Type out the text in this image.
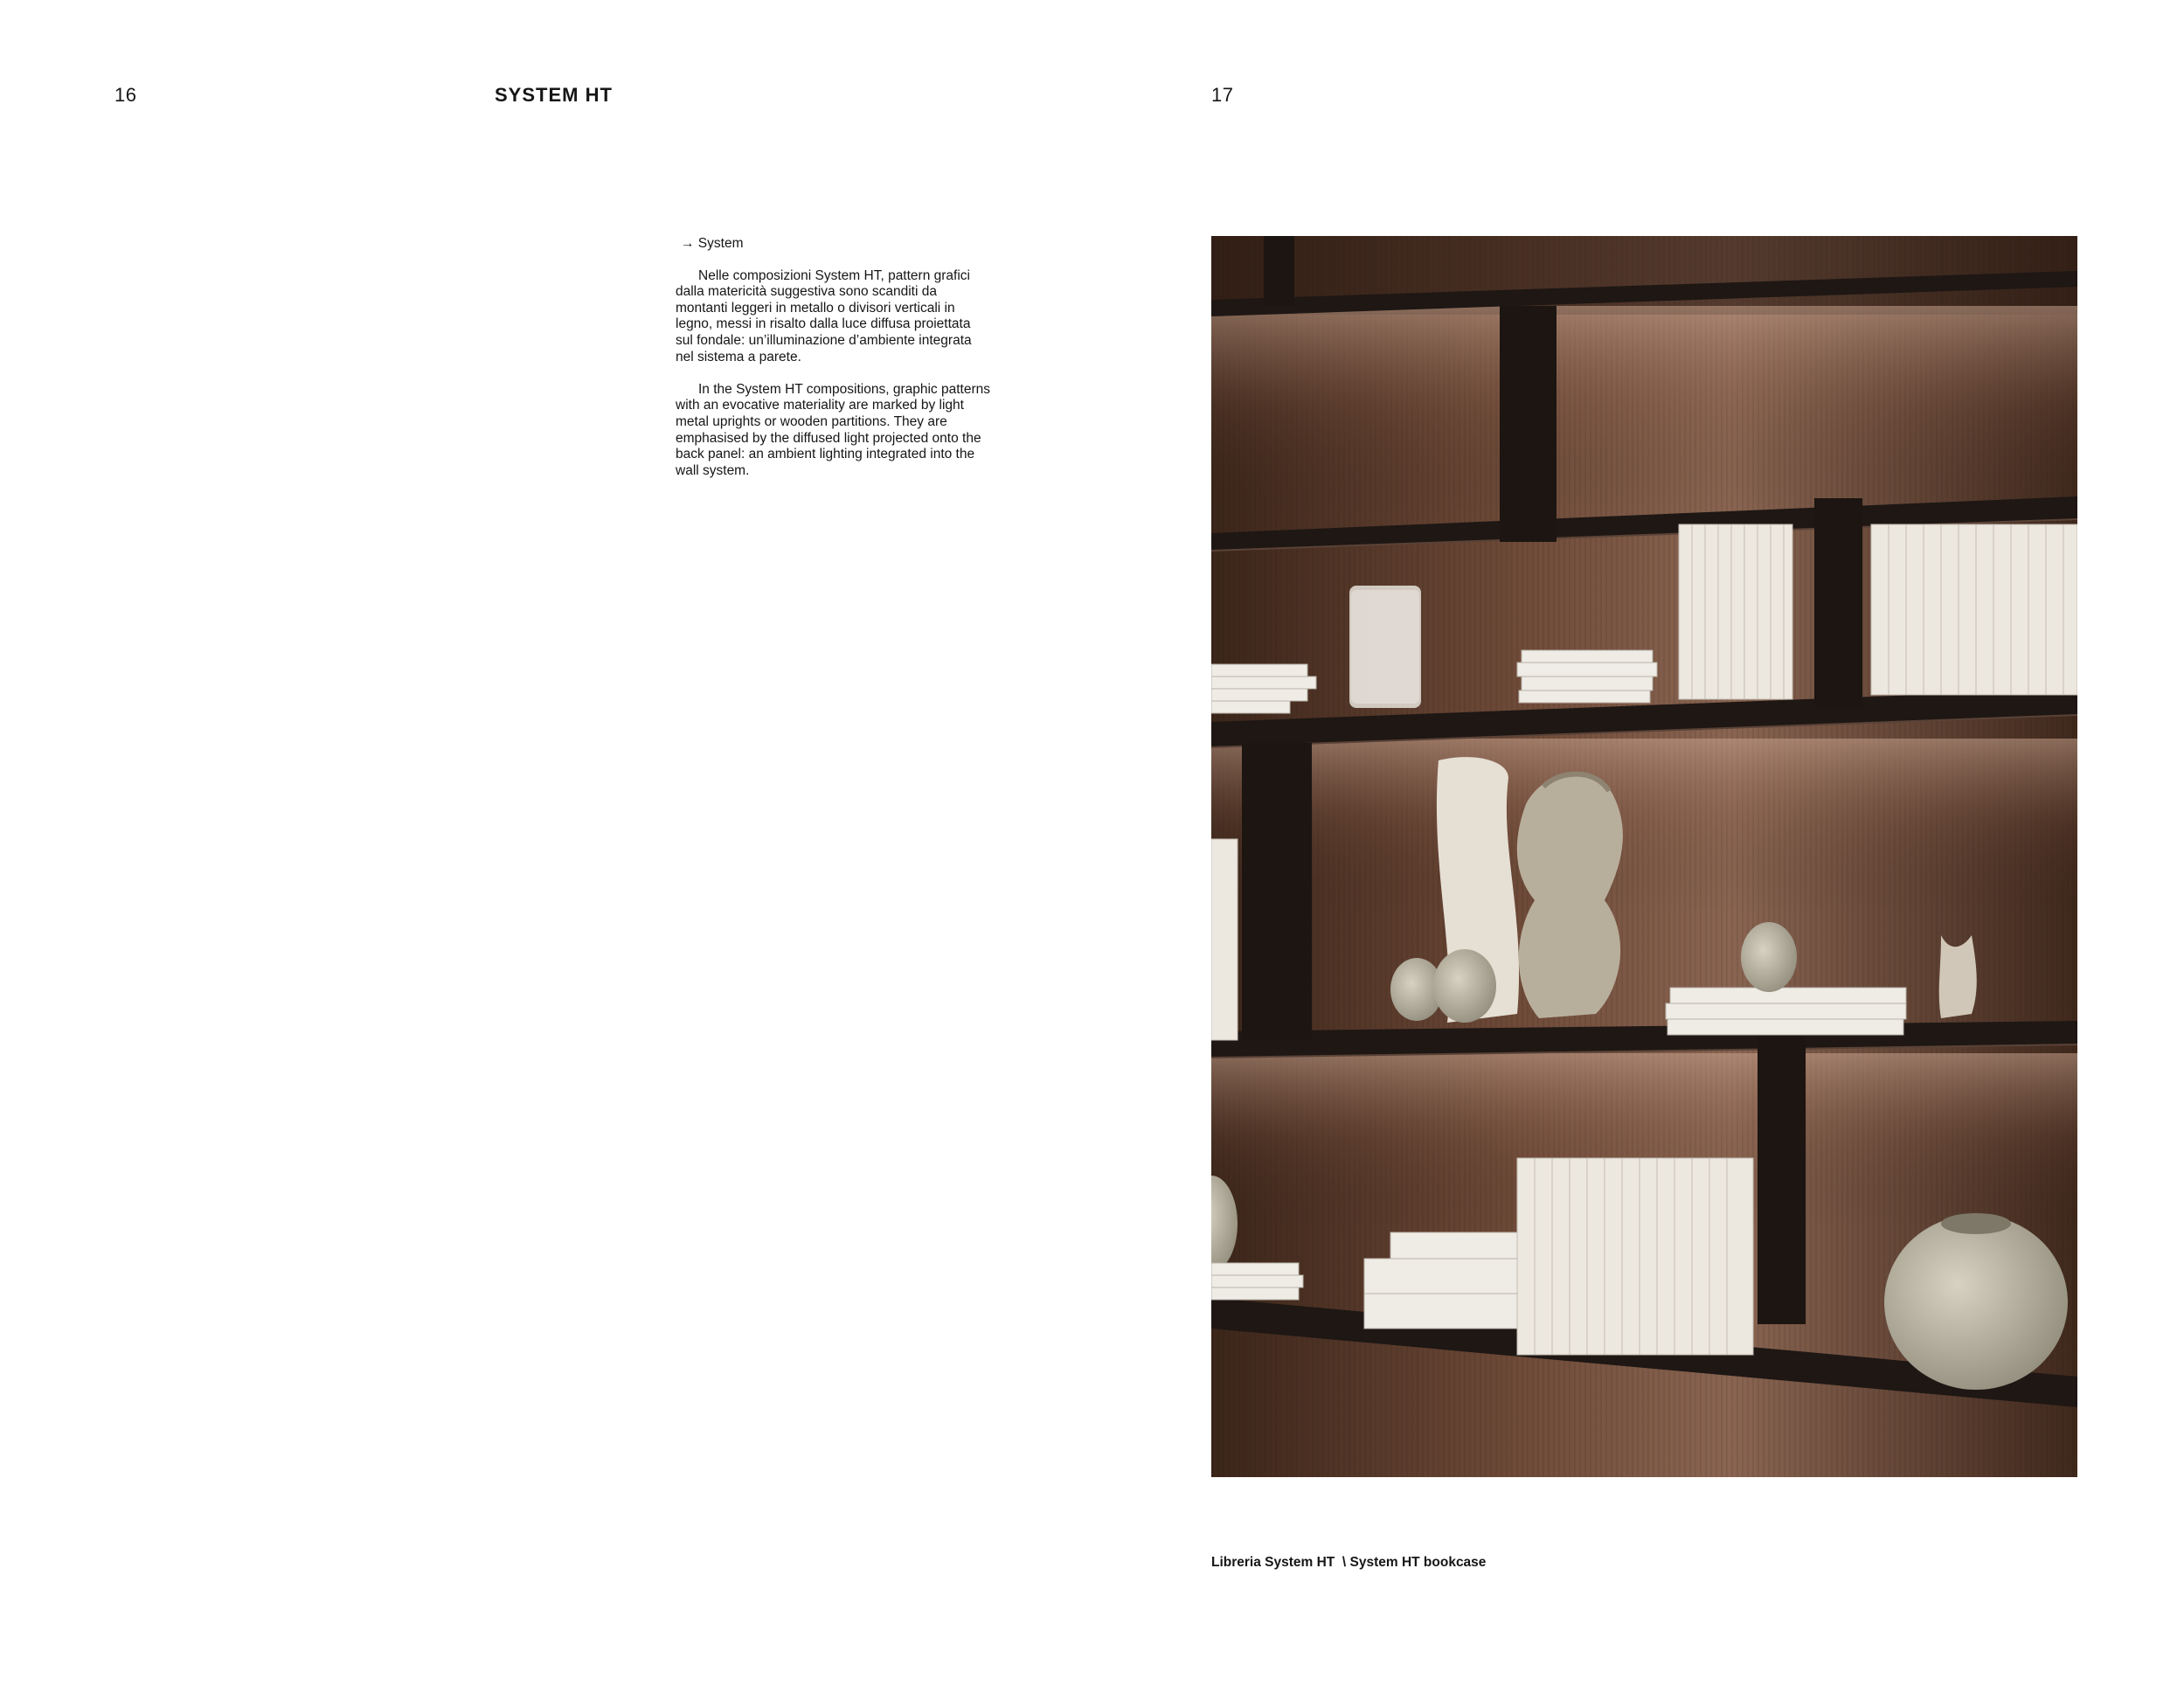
16	SYSTEM HT	17
→ System

Nelle composizioni System HT, pattern grafici dalla matericità suggestiva sono scanditi da montanti leggeri in metallo o divisori verticali in legno, messi in risalto dalla luce diffusa proiettata sul fondale: un’illuminazione d’ambiente integrata nel sistema a parete.

In the System HT compositions, graphic patterns with an evocative materiality are marked by light metal uprights or wooden partitions. They are emphasised by the diffused light projected onto the back panel: an ambient lighting integrated into the wall system.

Libreria System HT  \ System HT bookcase
